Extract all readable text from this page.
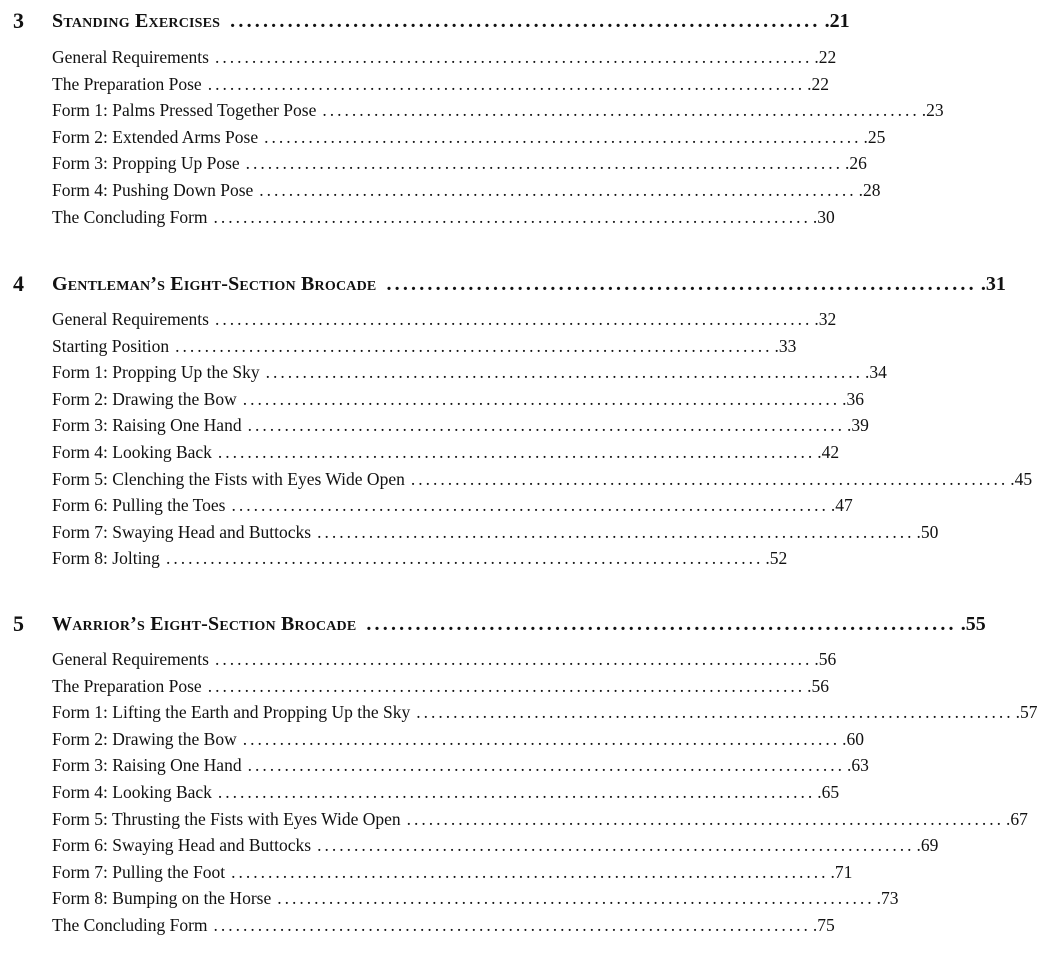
3 Standing Exercises ........................................................................ .21
General Requirements ................................................................................. .22
The Preparation Pose ................................................................................. .22
Form 1: Palms Pressed Together Pose ................................................................................. .23
Form 2: Extended Arms Pose ................................................................................. .25
Form 3: Propping Up Pose ................................................................................. .26
Form 4: Pushing Down Pose ................................................................................. .28
The Concluding Form ................................................................................. .30
4 Gentleman’s Eight-Section Brocade ........................................................................ .31
General Requirements ................................................................................. .32
Starting Position ................................................................................. .33
Form 1: Propping Up the Sky ................................................................................. .34
Form 2: Drawing the Bow ................................................................................. .36
Form 3: Raising One Hand ................................................................................. .39
Form 4: Looking Back ................................................................................. .42
Form 5: Clenching the Fists with Eyes Wide Open ................................................................................. .45
Form 6: Pulling the Toes ................................................................................. .47
Form 7: Swaying Head and Buttocks ................................................................................. .50
Form 8: Jolting ................................................................................. .52
5 Warrior’s Eight-Section Brocade ........................................................................ .55
General Requirements ................................................................................. .56
The Preparation Pose ................................................................................. .56
Form 1: Lifting the Earth and Propping Up the Sky ................................................................................. .57
Form 2: Drawing the Bow ................................................................................. .60
Form 3: Raising One Hand ................................................................................. .63
Form 4: Looking Back ................................................................................. .65
Form 5: Thrusting the Fists with Eyes Wide Open ................................................................................. .67
Form 6: Swaying Head and Buttocks ................................................................................. .69
Form 7: Pulling the Foot ................................................................................. .71
Form 8: Bumping on the Horse ................................................................................. .73
The Concluding Form ................................................................................. .75
